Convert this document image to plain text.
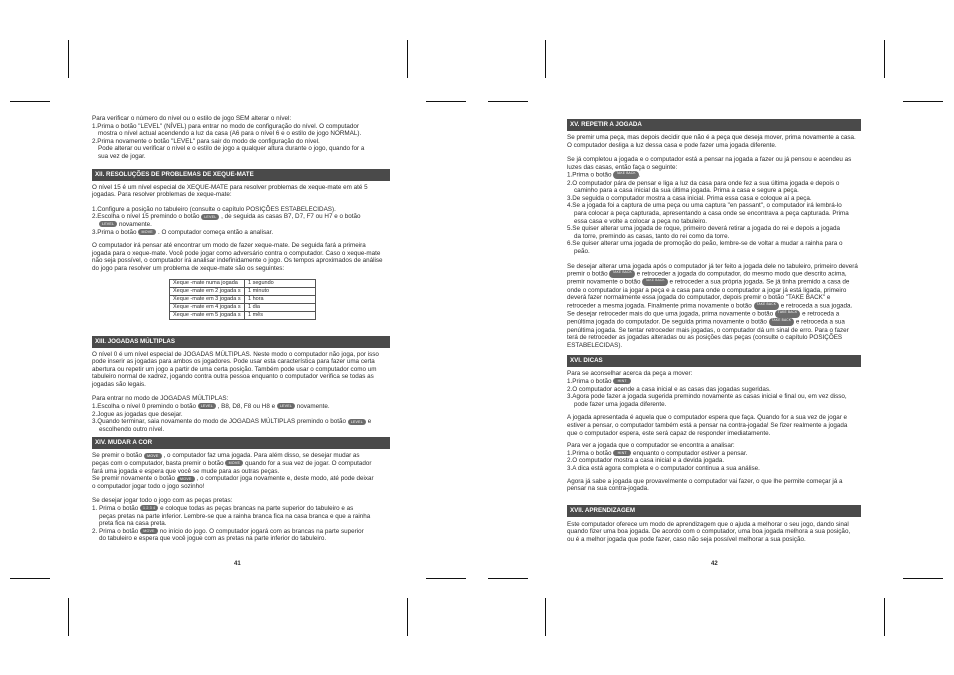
Para verificar o número do nível ou o estilo de jogo SEM alterar o nível:

1.Prima o botão "LEVEL" (NÍVEL) para entrar no modo de configuração do nível. O computador

mostra o nível actual acendendo a luz da casa (A6 para o nível 6 e o estilo de jogo NORMAL).

2.Prima novamente o botão "LEVEL" para sair do modo de configuração do nível.

Pode alterar ou verificar o nível e o estilo de jogo a qualquer altura durante o jogo, quando for a

sua vez de jogar.

XII. RESOLUÇÕES DE PROBLEMAS DE XEQUE-MATE

O nível 15 é um nível especial de XEQUE-MATE para resolver problemas de xeque-mate em até 5

jogadas. Para resolver problemas de xeque-mate:

1.Configure a posição no tabuleiro (consulte o capítulo POSIÇÕES ESTABELECIDAS).

2.Escolha o nível 15 premindo o botão LEVEL , de seguida as casas B7, D7, F7 ou H7 e o botão

LEVEL novamente.

3.Prima o botão MOVE . O computador começa então a analisar.

O computador irá pensar até encontrar um modo de fazer xeque-mate. De seguida fará a primeira

jogada para o xeque-mate. Você pode jogar como adversário contra o computador. Caso o xeque-mate

não seja possível, o computador irá analisar indefinidamente o jogo. Os tempos aproximados de análise

do jogo para resolver um problema de xeque-mate são os seguintes:

Xeque -mate numa jogada	1 segundo
Xeque -mate em 2 jogada s	1 minuto
Xeque -mate em 3 jogada s	1 hora
Xeque -mate em 4 jogada s	1 dia
Xeque -mate em 5 jogada s	1 mês
XIII. JOGADAS MÚLTIPLAS

O nível 0 é um nível especial de JOGADAS MÚLTIPLAS. Neste modo o computador não joga, por isso

pode inserir as jogadas para ambos os jogadores. Pode usar esta característica para fazer uma certa

abertura ou repetir um jogo a partir de uma certa posição. Também pode usar o computador como um

tabuleiro normal de xadrez, jogando contra outra pessoa enquanto o computador verifica se todas as

jogadas são legais.

Para entrar no modo de JOGADAS MÚLTIPLAS:

1.Escolha o nível 0 premindo o botão LEVEL , B8, D8, F8 ou H8 e LEVEL novamente.

2.Jogue as jogadas que desejar.

3.Quando terminar, saia novamente do modo de JOGADAS MÚLTIPLAS premindo o botão LEVEL e

escolhendo outro nível.

XIV. MUDAR A COR

Se premir o botão MOVE , o computador faz uma jogada. Para além disso, se desejar mudar as

peças com o computador, basta premir o botão MOVE quando for a sua vez de jogar. O computador

fará uma jogada e espera que você se mude para as outras peças.

Se premir novamente o botão MOVE , o computador joga novamente e, deste modo, até pode deixar

o computador jogar todo o jogo sozinho!

Se desejar jogar todo o jogo com as peças pretas:

1. Prima o botão 1 2 3 4 e coloque todas as peças brancas na parte superior do tabuleiro e as

peças pretas na parte inferior. Lembre-se que a rainha branca fica na casa branca e que a rainha

preta fica na casa preta.

2. Prima o botão MOVE no início do jogo. O computador jogará com as brancas na parte superior

do tabuleiro e espera que você jogue com as pretas na parte inferior do tabuleiro.

41
XV. REPETIR A JOGADA

Se premir uma peça, mas depois decidir que não é a peça que deseja mover, prima novamente a casa.

O computador desliga a luz dessa casa e pode fazer uma jogada diferente.

Se já completou a jogada e o computador está a pensar na jogada a fazer ou já pensou e acendeu as

luzes das casas, então faça o seguinte:

1.Prima o botão TAKE BACK .

2.O computador pára de pensar e liga a luz da casa para onde fez a sua última jogada e depois o

caminho para a casa inicial da sua última jogada. Prima a casa e segure a peça.

3.De seguida o computador mostra a casa inicial. Prima essa casa e coloque aí a peça.

4.Se a jogada foi a captura de uma peça ou uma captura "en passant", o computador irá lembrá-lo

para colocar a peça capturada, apresentando a casa onde se encontrava a peça capturada. Prima

essa casa e volte a colocar a peça no tabuleiro.

5.Se quiser alterar uma jogada de roque, primeiro deverá retirar a jogada do rei e depois a jogada

da torre, premindo as casas, tanto do rei como da torre.

6.Se quiser alterar uma jogada de promoção do peão, lembre-se de voltar a mudar a rainha para o

peão.

Se desejar alterar uma jogada após o computador já ter feito a jogada dele no tabuleiro, primeiro deverá

premir o botão TAKE BACK e retroceder a jogada do computador, do mesmo modo que descrito acima,

premir novamente o botão TAKE BACK e retroceder a sua própria jogada. Se já tinha premido a casa de

onde o computador ia jogar a peça e a casa para onde o computador a jogar já está ligada, primeiro

deverá fazer normalmente essa jogada do computador, depois premir o botão "TAKE BACK" e

retroceder a mesma jogada. Finalmente prima novamente o botão TAKE BACK e retroceda a sua jogada.

Se desejar retroceder mais do que uma jogada, prima novamente o botão TAKE BACK e retroceda a

penúltima jogada do computador. De seguida prima novamente o botão TAKE BACK e retroceda a sua

penúltima jogada. Se tentar retroceder mais jogadas, o computador dá um sinal de erro. Para o fazer

terá de retroceder as jogadas alteradas ou as posições das peças (consulte o capítulo POSIÇÕES

ESTABELECIDAS).

XVI. DICAS

Para se aconselhar acerca da peça a mover:

1.Prima o botão HINT

2.O computador acende a casa inicial e as casas das jogadas sugeridas.

3.Agora pode fazer a jogada sugerida premindo novamente as casas inicial e final ou, em vez disso,

pode fazer uma jogada diferente.

A jogada apresentada é aquela que o computador espera que faça. Quando for a sua vez de jogar e

estiver a pensar, o computador também está a pensar na contra-jogada! Se fizer realmente a jogada

que o computador espera, este será capaz de responder imediatamente.

Para ver a jogada que o computador se encontra a analisar:

1.Prima o botão HINT enquanto o computador estiver a pensar.

2.O computador mostra a casa inicial e a devida jogada.

3.A dica está agora completa e o computador continua a sua análise.

Agora já sabe a jogada que provavelmente o computador vai fazer, o que lhe permite começar já a

pensar na sua contra-jogada.

XVII. APRENDIZAGEM

Este computador oferece um modo de aprendizagem que o ajuda a melhorar o seu jogo, dando sinal

quando fizer uma boa jogada. De acordo com o computador, uma boa jogada melhora a sua posição,

ou é a melhor jogada que pode fazer, caso não seja possível melhorar a sua posição.

42
